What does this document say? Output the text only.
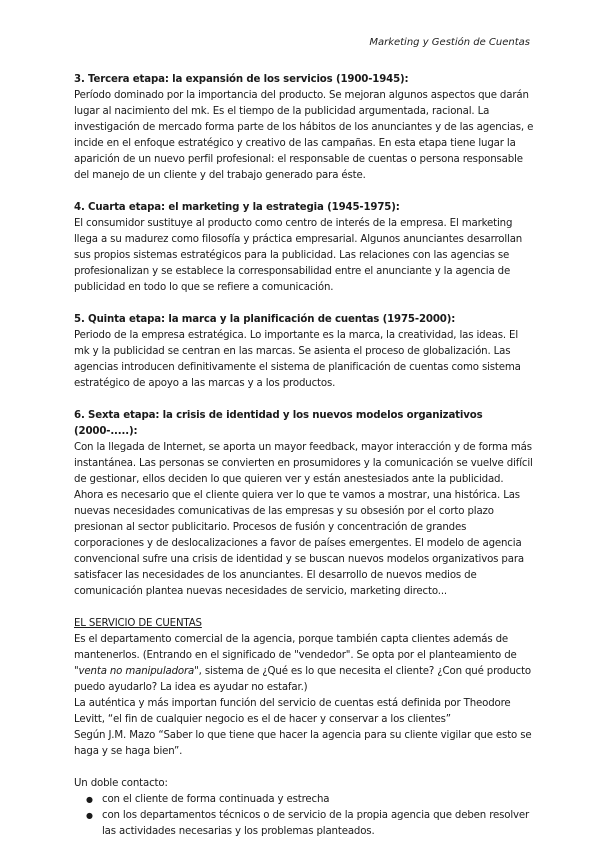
Marketing y Gestión de Cuentas
3. Tercera etapa: la expansión de los servicios (1900-1945):

Período dominado por la importancia del producto. Se mejoran algunos aspectos que darán lugar al nacimiento del mk. Es el tiempo de la publicidad argumentada, racional. La investigación de mercado forma parte de los hábitos de los anunciantes y de las agencias, e incide en el enfoque estratégico y creativo de las campañas. En esta etapa tiene lugar la aparición de un nuevo perfil profesional: el responsable de cuentas o persona responsable del manejo de un cliente y del trabajo generado para éste.

4. Cuarta etapa: el marketing y la estrategia (1945-1975):

El consumidor sustituye al producto como centro de interés de la empresa. El marketing llega a su madurez como filosofía y práctica empresarial. Algunos anunciantes desarrollan sus propios sistemas estratégicos para la publicidad. Las relaciones con las agencias se profesionalizan y se establece la corresponsabilidad entre el anunciante y la agencia de publicidad en todo lo que se refiere a comunicación.

5. Quinta etapa: la marca y la planificación de cuentas (1975-2000):

Periodo de la empresa estratégica. Lo importante es la marca, la creatividad, las ideas. El mk y la publicidad se centran en las marcas. Se asienta el proceso de globalización. Las agencias introducen definitivamente el sistema de planificación de cuentas como sistema estratégico de apoyo a las marcas y a los productos.

6. Sexta etapa: la crisis de identidad y los nuevos modelos organizativos (2000-.....):

Con la llegada de Internet, se aporta un mayor feedback, mayor interacción y de forma más instantánea. Las personas se convierten en prosumidores y la comunicación se vuelve difícil de gestionar, ellos deciden lo que quieren ver y están anestesiados ante la publicidad. Ahora es necesario que el cliente quiera ver lo que te vamos a mostrar, una histórica. Las nuevas necesidades comunicativas de las empresas y su obsesión por el corto plazo presionan al sector publicitario. Procesos de fusión y concentración de grandes corporaciones y de deslocalizaciones a favor de países emergentes. El modelo de agencia convencional sufre una crisis de identidad y se buscan nuevos modelos organizativos para satisfacer las necesidades de los anunciantes. El desarrollo de nuevos medios de comunicación plantea nuevas necesidades de servicio, marketing directo...

EL SERVICIO DE CUENTAS

Es el departamento comercial de la agencia, porque también capta clientes además de mantenerlos. (Entrando en el significado de "vendedor". Se opta por el planteamiento de "venta no manipuladora", sistema de ¿Qué es lo que necesita el cliente? ¿Con qué producto puedo ayudarlo? La idea es ayudar no estafar.)

La auténtica y más importan función del servicio de cuentas está definida por Theodore Levitt, “el fin de cualquier negocio es el de hacer y conservar a los clientes”

Según J.M. Mazo “Saber lo que tiene que hacer la agencia para su cliente vigilar que esto se haga y se haga bien”.

Un doble contacto:

● con el cliente de forma continuada y estrecha
● con los departamentos técnicos o de servicio de la propia agencia que deben resolver las actividades necesarias y los problemas planteados.
